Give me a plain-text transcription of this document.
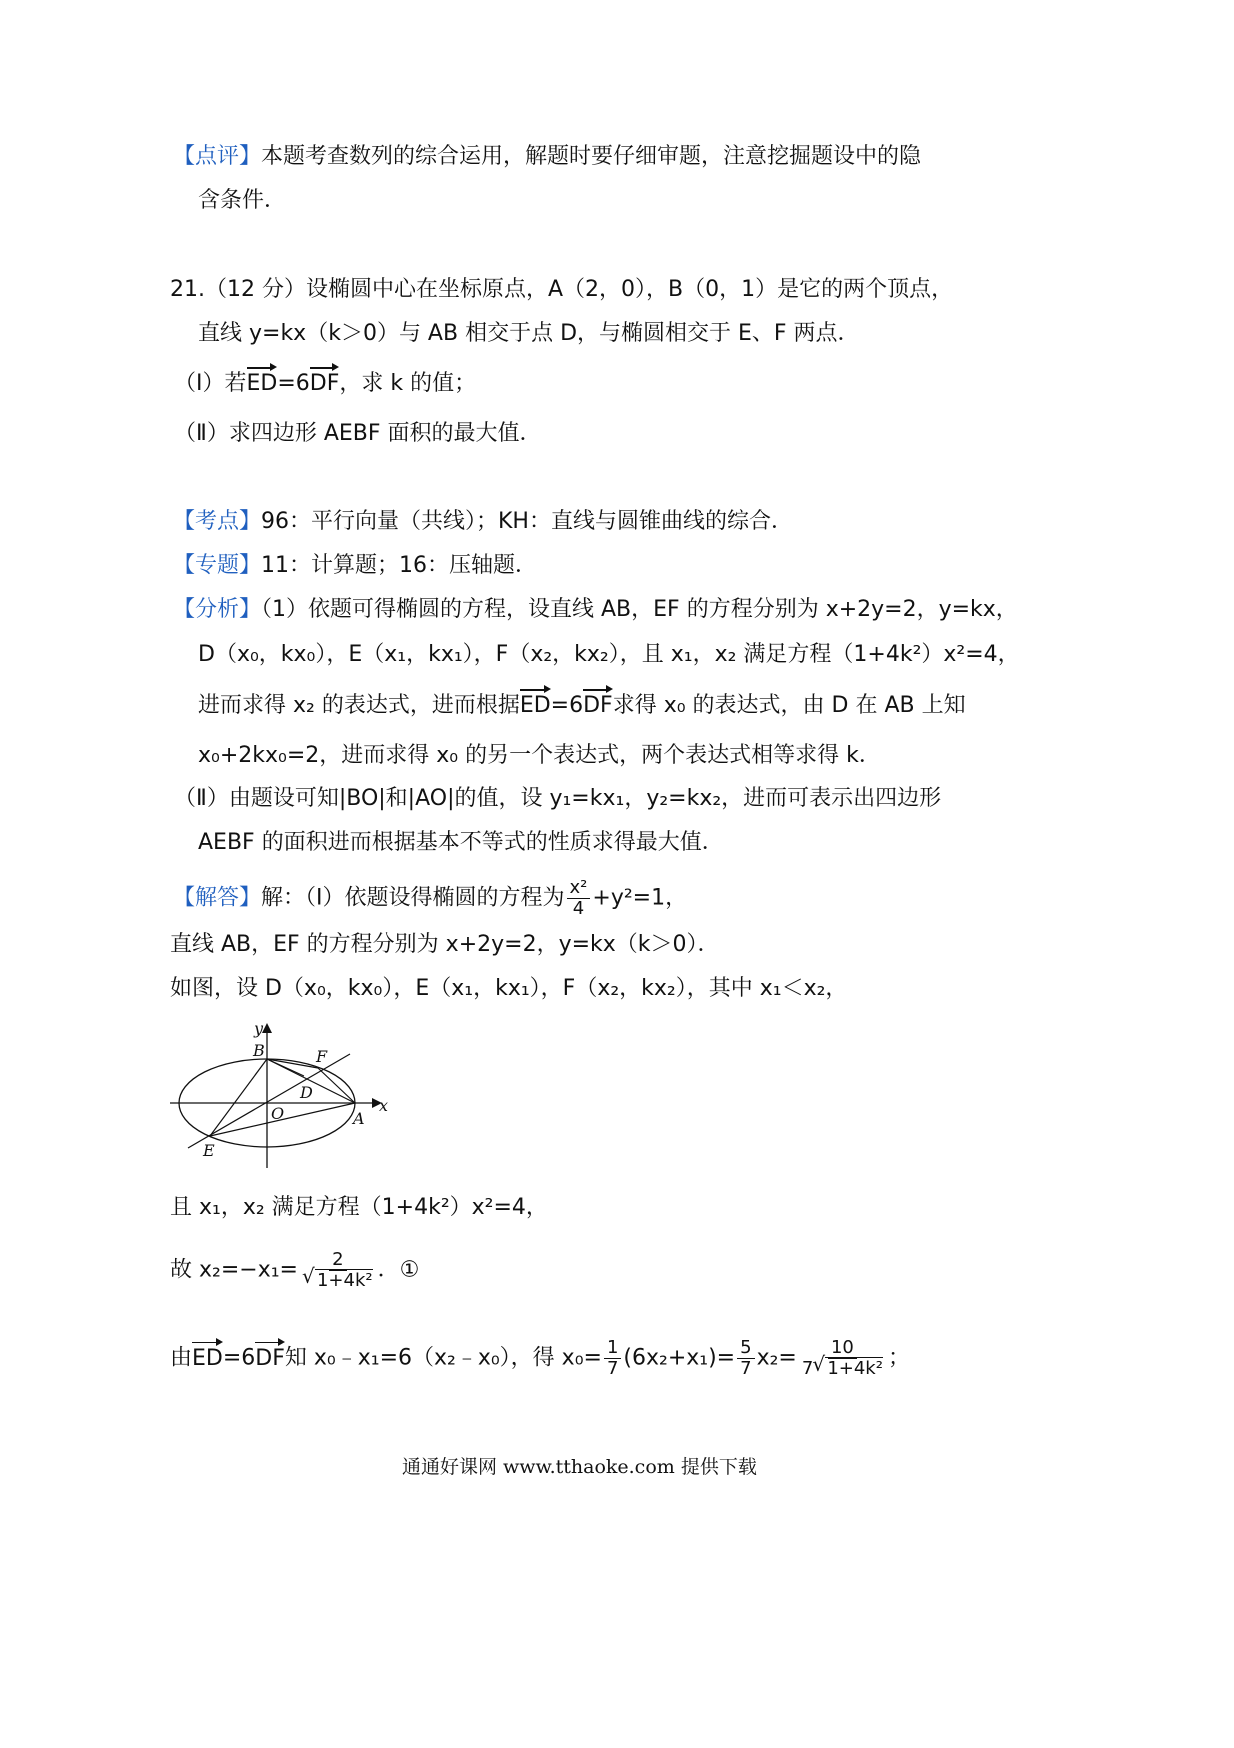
【点评】本题考查数列的综合运用，解题时要仔细审题，注意挖掘题设中的隐
含条件．
21.（12 分）设椭圆中心在坐标原点，A（2，0），B（0，1）是它的两个顶点，
直线 y=kx（k＞0）与 AB 相交于点 D，与椭圆相交于 E、F 两点．
（Ⅰ）若ED=6DF，求 k 的值；
（Ⅱ）求四边形 AEBF 面积的最大值．
【考点】96：平行向量（共线）；KH：直线与圆锥曲线的综合．
【专题】11：计算题；16：压轴题．
【分析】（1）依题可得椭圆的方程，设直线 AB，EF 的方程分别为 x+2y=2，y=kx，
D（x₀，kx₀），E（x₁，kx₁），F（x₂，kx₂），且 x₁，x₂ 满足方程（1+4k²）x²=4，
进而求得 x₂ 的表达式，进而根据ED=6DF求得 x₀ 的表达式，由 D 在 AB 上知
x₀+2kx₀=2，进而求得 x₀ 的另一个表达式，两个表达式相等求得 k．
（Ⅱ）由题设可知|BO|和|AO|的值，设 y₁=kx₁，y₂=kx₂，进而可表示出四边形
AEBF 的面积进而根据基本不等式的性质求得最大值．
【解答】解：（Ⅰ）依题设得椭圆的方程为 $\frac{\text{x²}}{4} +y^2=1$，
直线 AB，EF 的方程分别为 x+2y=2，y=kx（k＞0）．
如图，设 D（x₀，kx₀），E（x₁，kx₁），F（x₂，kx₂），其中 x₁＜x₂，
y
x
B	F
D
O	A
E
且 x₁，x₂ 满足方程（1+4k²）x²=4，
故 x₂=−x₁= 2
√ 1+4k² ．①
由ED=6DF知 x₀﹣x₁=6（x₂﹣x₀），得 $x_0= \frac{1}{7} (6x_2+x_1)= \frac{5}{7} x_2= \frac{10}{\text{7√ 1+4k²}}$ ；
通通好课网 www.tthaoke.com 提供下载
